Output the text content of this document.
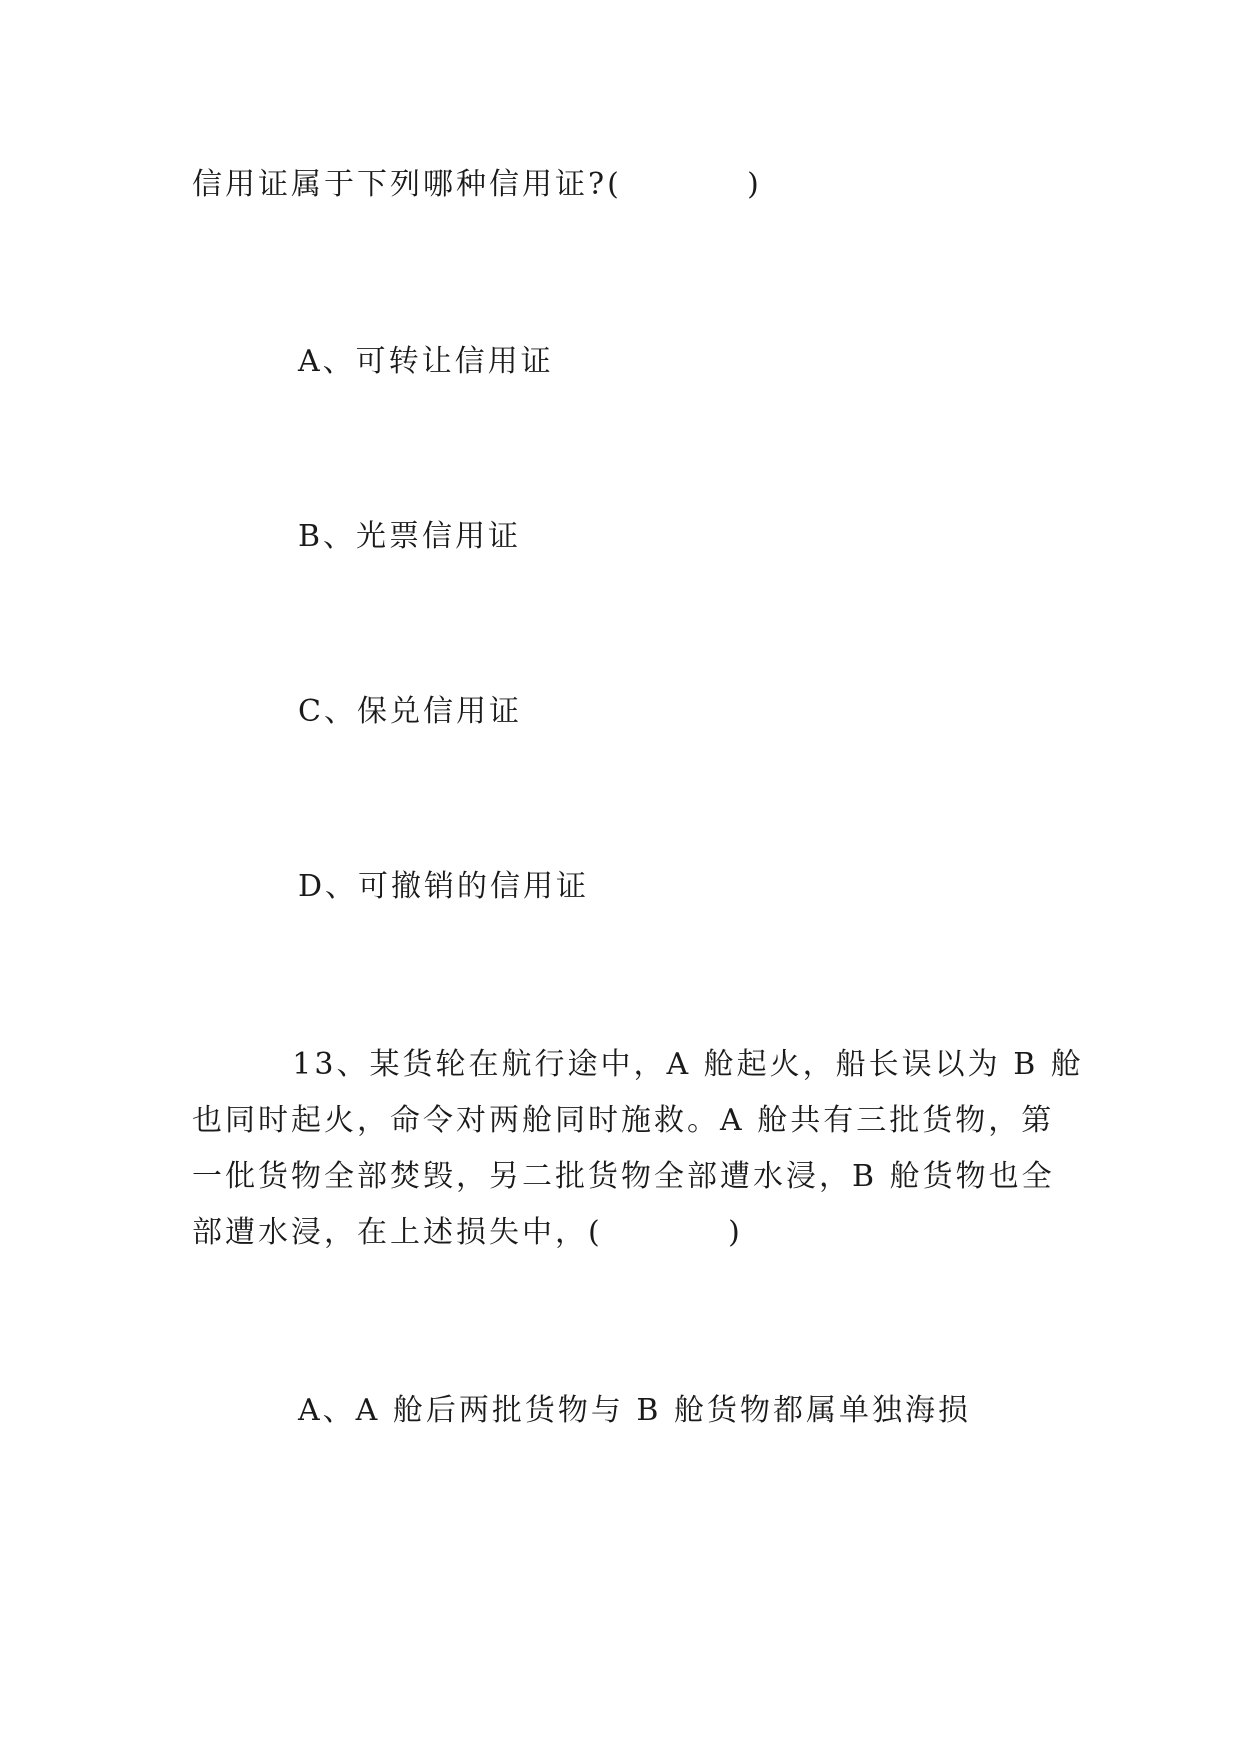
信用证属于下列哪种信用证?(          )
A、可转让信用证
B、光票信用证
C、保兑信用证
D、可撤销的信用证
13、某货轮在航行途中，A 舱起火，船长误以为 B 舱
也同时起火，命令对两舱同时施救。A 舱共有三批货物，第
一仳货物全部焚毁，另二批货物全部遭水浸，B 舱货物也全
部遭水浸，在上述损失中，(          )
A、A 舱后两批货物与 B 舱货物都属单独海损
